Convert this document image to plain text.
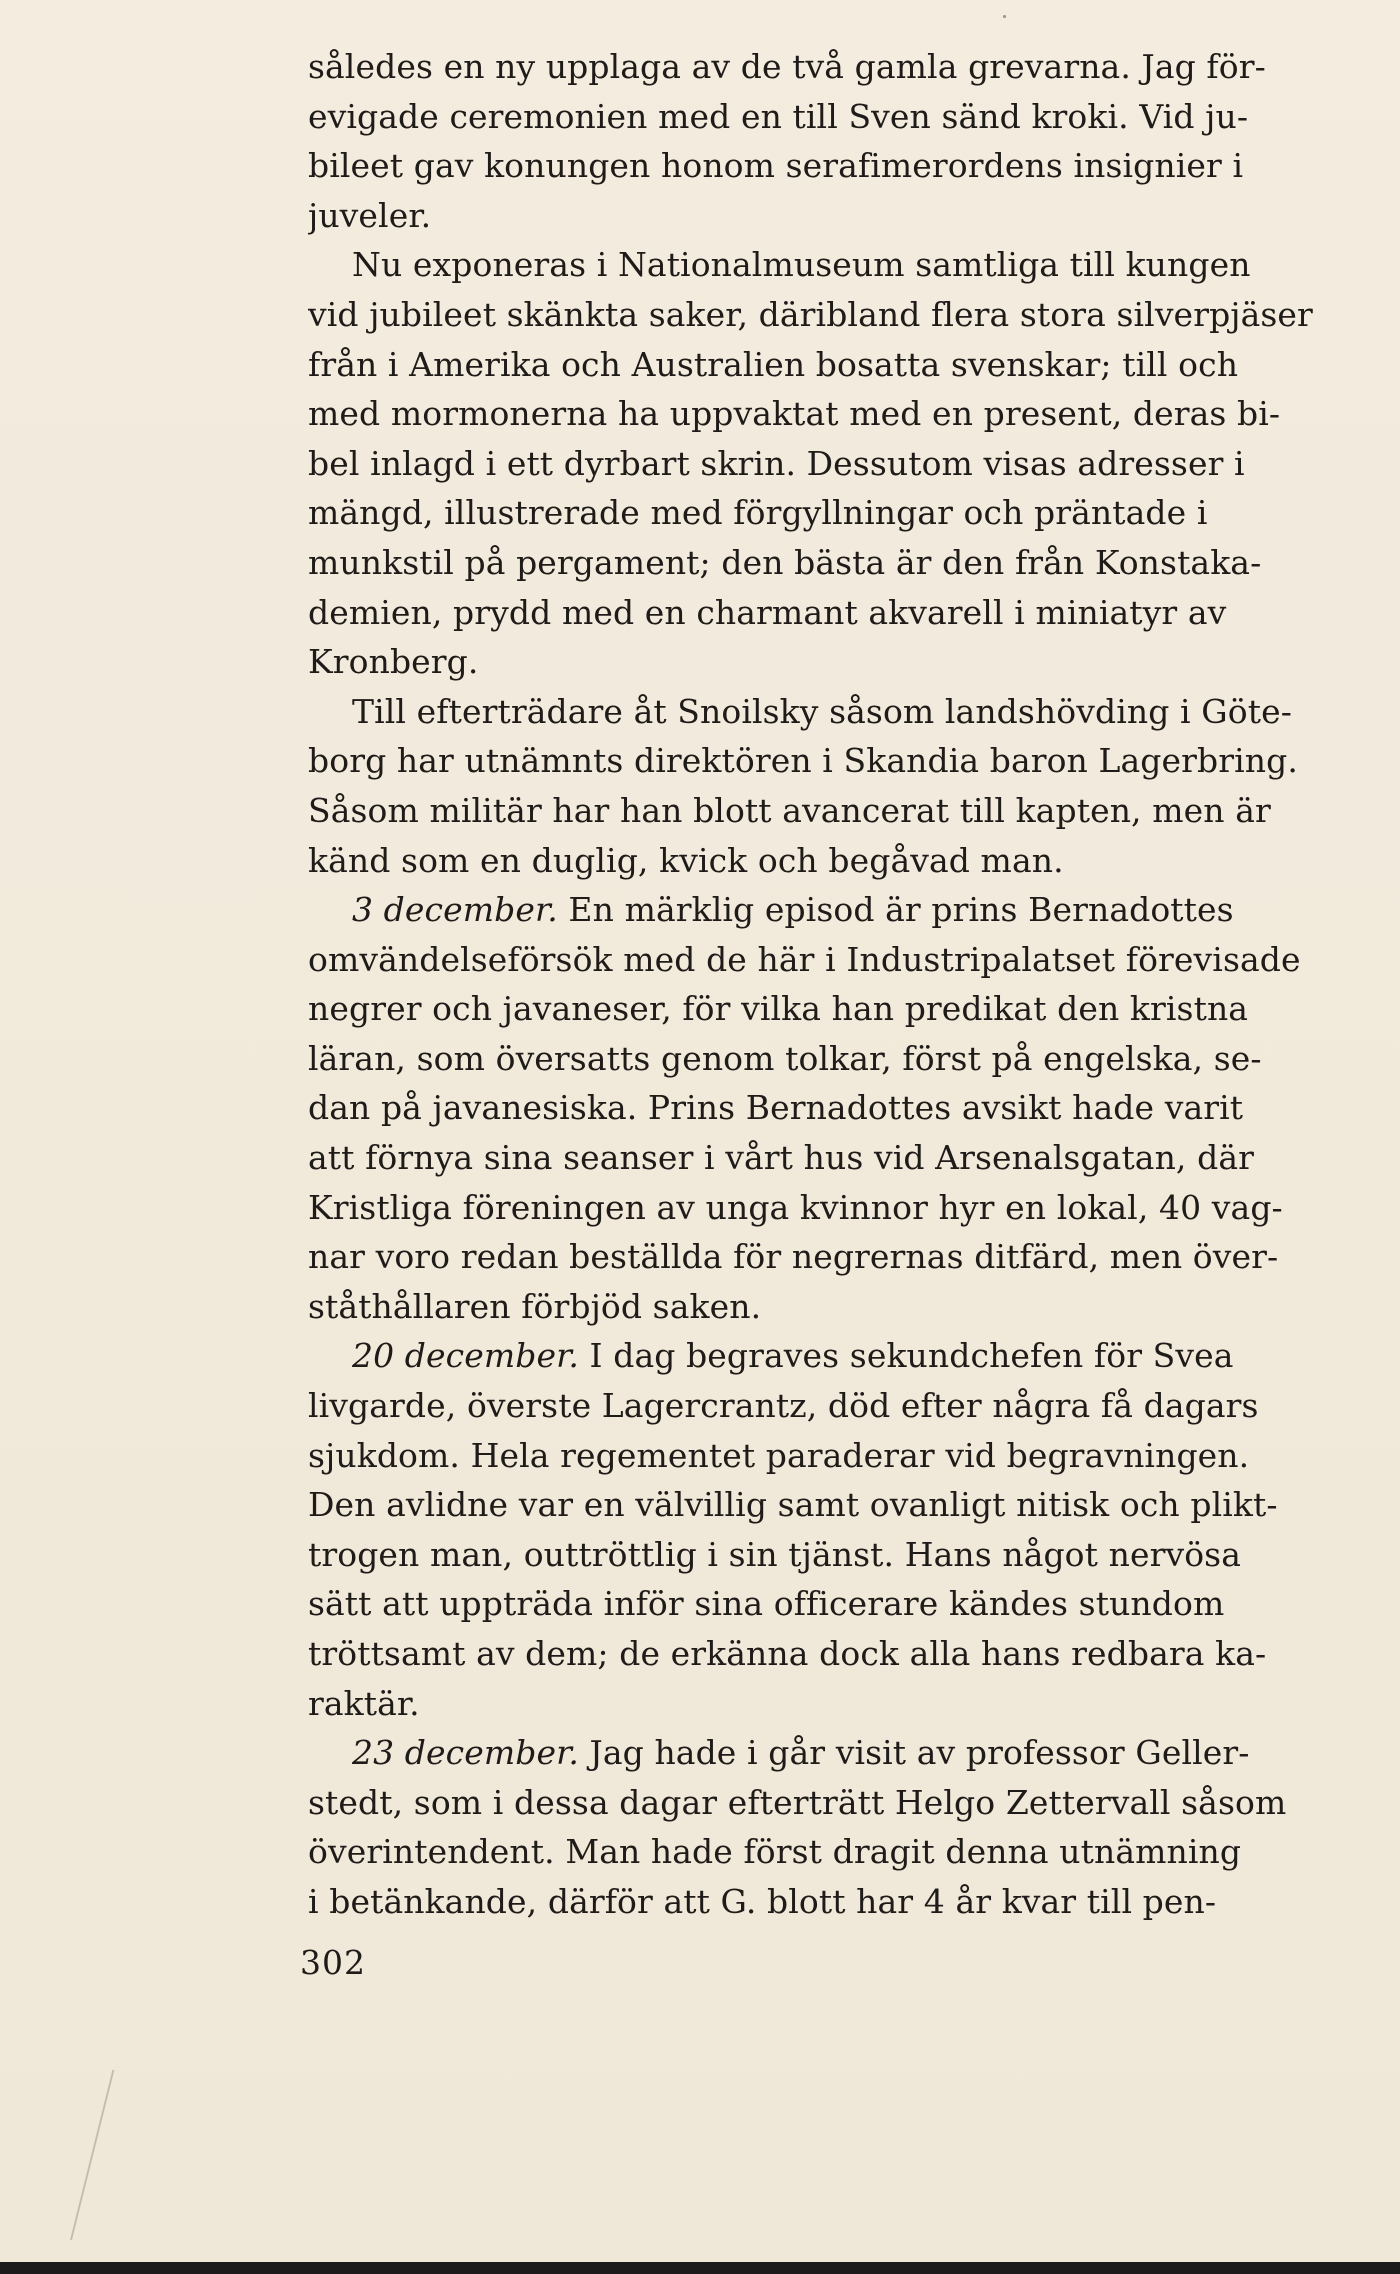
således en ny upplaga av de två gamla grevarna. Jag för-
evigade ceremonien med en till Sven sänd kroki. Vid ju-
bileet gav konungen honom serafimerordens insignier i
juveler.
Nu exponeras i Nationalmuseum samtliga till kungen
vid jubileet skänkta saker, däribland flera stora silverpjäser
från i Amerika och Australien bosatta svenskar; till och
med mormonerna ha uppvaktat med en present, deras bi-
bel inlagd i ett dyrbart skrin. Dessutom visas adresser i
mängd, illustrerade med förgyllningar och präntade i
munkstil på pergament; den bästa är den från Konstaka-
demien, prydd med en charmant akvarell i miniatyr av
Kronberg.
Till efterträdare åt Snoilsky såsom landshövding i Göte-
borg har utnämnts direktören i Skandia baron Lagerbring.
Såsom militär har han blott avancerat till kapten, men är
känd som en duglig, kvick och begåvad man.
3 december. En märklig episod är prins Bernadottes
omvändelseförsök med de här i Industripalatset förevisade
negrer och javaneser, för vilka han predikat den kristna
läran, som översatts genom tolkar, först på engelska, se-
dan på javanesiska. Prins Bernadottes avsikt hade varit
att förnya sina seanser i vårt hus vid Arsenalsgatan, där
Kristliga föreningen av unga kvinnor hyr en lokal, 40 vag-
nar voro redan beställda för negrernas ditfärd, men över-
ståthållaren förbjöd saken.
20 december. I dag begraves sekundchefen för Svea
livgarde, överste Lagercrantz, död efter några få dagars
sjukdom. Hela regementet paraderar vid begravningen.
Den avlidne var en välvillig samt ovanligt nitisk och plikt-
trogen man, outtröttlig i sin tjänst. Hans något nervösa
sätt att uppträda inför sina officerare kändes stundom
tröttsamt av dem; de erkänna dock alla hans redbara ka-
raktär.
23 december. Jag hade i går visit av professor Geller-
stedt, som i dessa dagar efterträtt Helgo Zettervall såsom
överintendent. Man hade först dragit denna utnämning
i betänkande, därför att G. blott har 4 år kvar till pen-
302
